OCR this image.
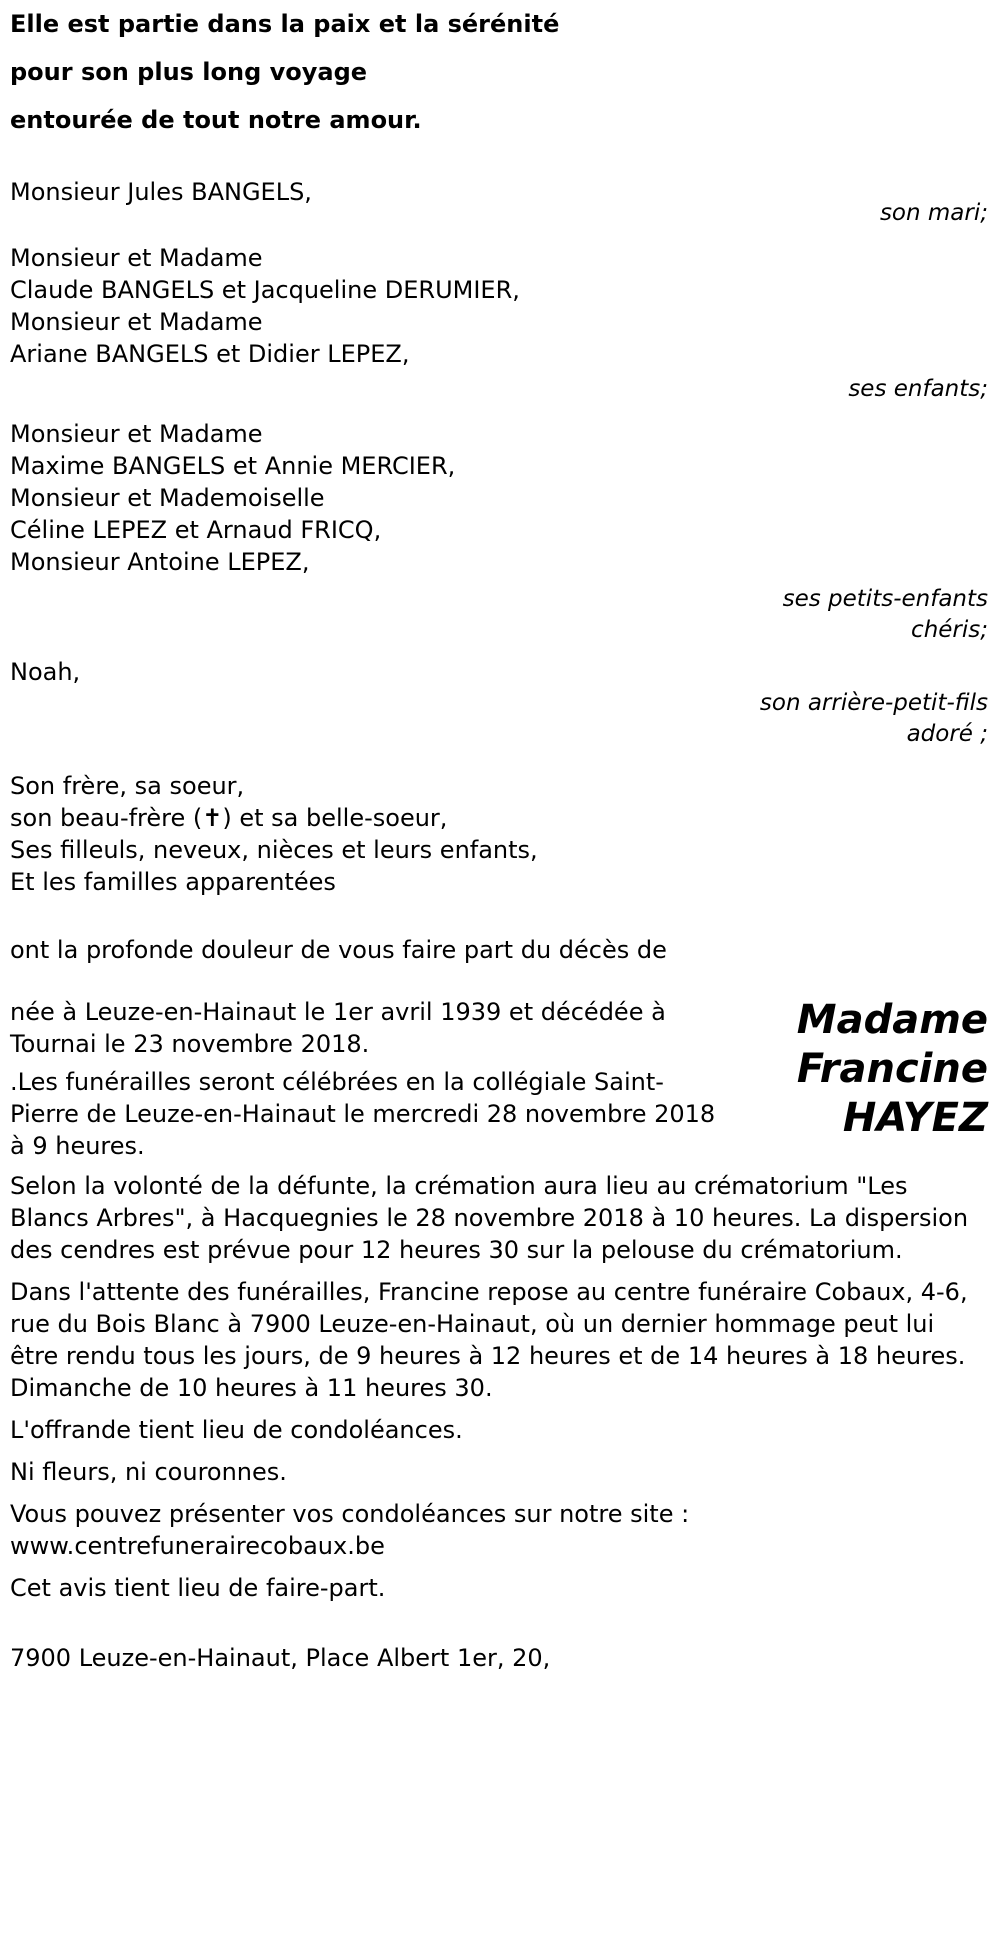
Elle est partie dans la paix et la sérénité
pour son plus long voyage
entourée de tout notre amour.
Monsieur Jules BANGELS,
son mari;
Monsieur et Madame
Claude BANGELS et Jacqueline DERUMIER,
Monsieur et Madame
Ariane BANGELS et Didier LEPEZ,
ses enfants;
Monsieur et Madame
Maxime BANGELS et Annie MERCIER,
Monsieur et Mademoiselle
Céline LEPEZ et Arnaud FRICQ,
Monsieur Antoine LEPEZ,
ses petits-enfants
chéris;
Noah,
son arrière-petit-fils
adoré ;
Son frère, sa soeur,
son beau-frère (✝) et sa belle-soeur,
Ses filleuls, neveux, nièces et leurs enfants,
Et les familles apparentées
ont la profonde douleur de vous faire part du décès de
née à Leuze-en-Hainaut le 1er avril 1939 et décédée à Tournai le 23 novembre 2018.
.Les funérailles seront célébrées en la collégiale Saint-Pierre de Leuze-en-Hainaut le mercredi 28 novembre 2018 à 9 heures.
Madame
Francine
HAYEZ
Selon la volonté de la défunte, la crémation aura lieu au crématorium "Les Blancs Arbres", à Hacquegnies le 28 novembre 2018 à 10 heures. La dispersion des cendres est prévue pour 12 heures 30 sur la pelouse du crématorium.
Dans l'attente des funérailles, Francine repose au centre funéraire Cobaux, 4-6, rue du Bois Blanc à 7900 Leuze-en-Hainaut, où un dernier hommage peut lui être rendu tous les jours, de 9 heures à 12 heures et de 14 heures à 18 heures. Dimanche de 10 heures à 11 heures 30.
L'offrande tient lieu de condoléances.
Ni fleurs, ni couronnes.
Vous pouvez présenter vos condoléances sur notre site :
www.centrefunerairecobaux.be
Cet avis tient lieu de faire-part.
7900 Leuze-en-Hainaut, Place Albert 1er, 20,
